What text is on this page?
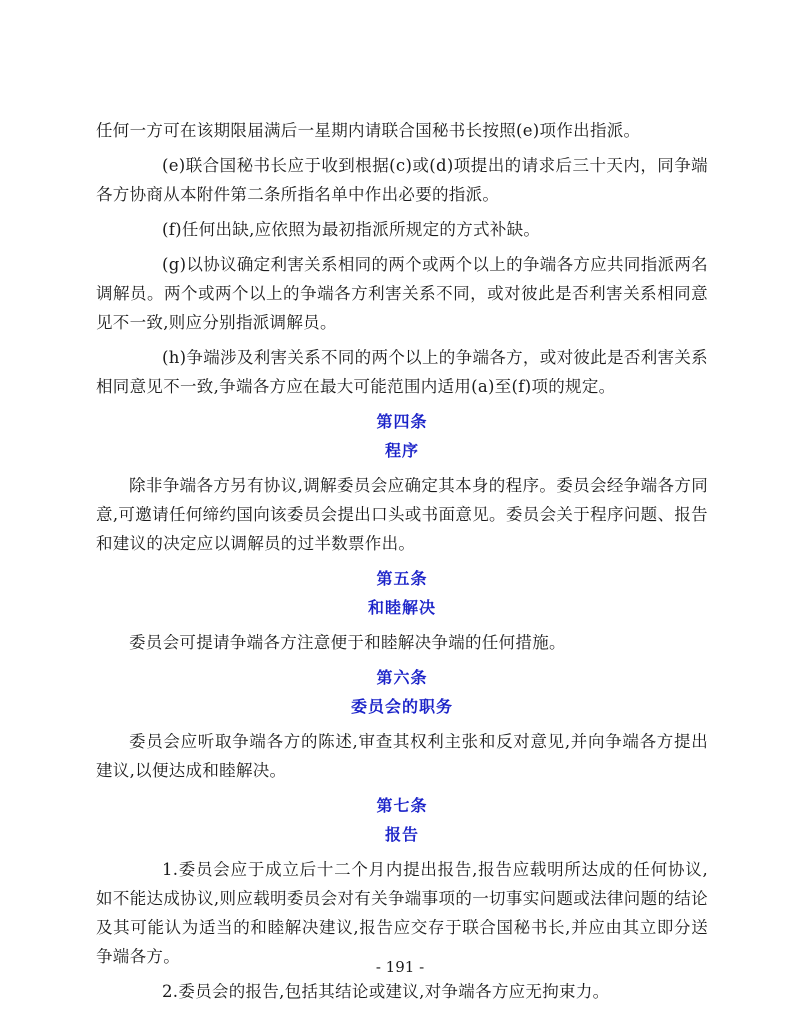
任何一方可在该期限届满后一星期内请联合国秘书长按照(e)项作出指派。

(e)联合国秘书长应于收到根据(c)或(d)项提出的请求后三十天内，同争端各方协商从本附件第二条所指名单中作出必要的指派。

(f)任何出缺,应依照为最初指派所规定的方式补缺。

(g)以协议确定利害关系相同的两个或两个以上的争端各方应共同指派两名调解员。两个或两个以上的争端各方利害关系不同，或对彼此是否利害关系相同意见不一致,则应分别指派调解员。

(h)争端涉及利害关系不同的两个以上的争端各方，或对彼此是否利害关系相同意见不一致,争端各方应在最大可能范围内适用(a)至(f)项的规定。

第四条
程序

除非争端各方另有协议,调解委员会应确定其本身的程序。委员会经争端各方同意,可邀请任何缔约国向该委员会提出口头或书面意见。委员会关于程序问题、报告和建议的决定应以调解员的过半数票作出。

第五条
和睦解决

委员会可提请争端各方注意便于和睦解决争端的任何措施。

第六条
委员会的职务

委员会应听取争端各方的陈述,审查其权利主张和反对意见,并向争端各方提出建议,以便达成和睦解决。

第七条
报告

1.委员会应于成立后十二个月内提出报告,报告应载明所达成的任何协议,如不能达成协议,则应载明委员会对有关争端事项的一切事实问题或法律问题的结论及其可能认为适当的和睦解决建议,报告应交存于联合国秘书长,并应由其立即分送争端各方。

2.委员会的报告,包括其结论或建议,对争端各方应无拘束力。

- 191 -
